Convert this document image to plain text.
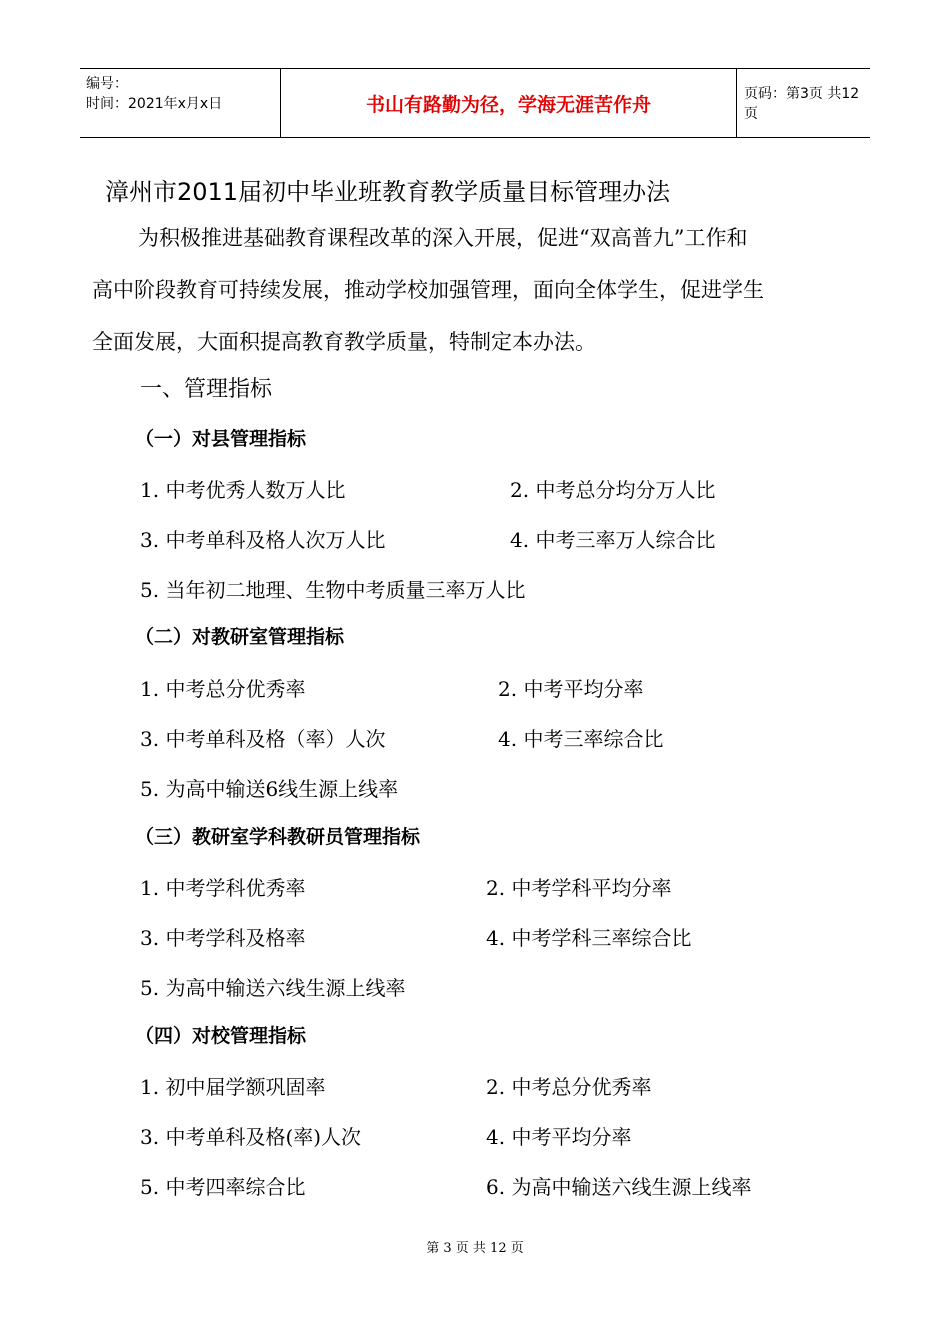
编号：
时间：2021年x月x日	书山有路勤为径，学海无涯苦作舟	页码：第3页 共12页
漳州市2011届初中毕业班教育教学质量目标管理办法
为积极推进基础教育课程改革的深入开展，促进“双高普九”工作和
高中阶段教育可持续发展，推动学校加强管理，面向全体学生，促进学生
全面发展，大面积提高教育教学质量，特制定本办法。
一、管理指标
（一）对县管理指标
1. 中考优秀人数万人比	2. 中考总分均分万人比
3. 中考单科及格人次万人比	4. 中考三率万人综合比
5. 当年初二地理、生物中考质量三率万人比
（二）对教研室管理指标
1. 中考总分优秀率	2. 中考平均分率
3. 中考单科及格（率）人次	4. 中考三率综合比
5. 为高中输送6线生源上线率
（三）教研室学科教研员管理指标
1. 中考学科优秀率	2. 中考学科平均分率
3. 中考学科及格率	4. 中考学科三率综合比
5. 为高中输送六线生源上线率
（四）对校管理指标
1. 初中届学额巩固率	2. 中考总分优秀率
3. 中考单科及格(率)人次	4. 中考平均分率
5. 中考四率综合比	6. 为高中输送六线生源上线率
第 3 页 共 12 页
